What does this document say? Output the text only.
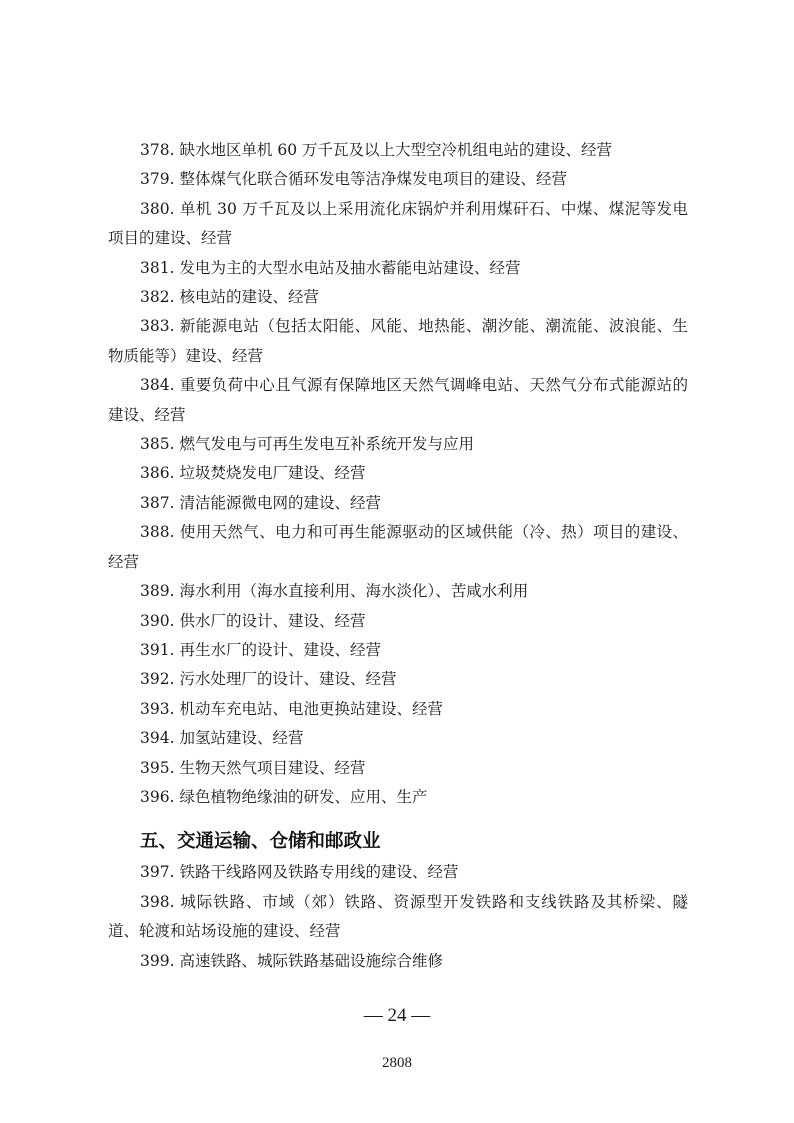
378. 缺水地区单机 60 万千瓦及以上大型空冷机组电站的建设、经营

379. 整体煤气化联合循环发电等洁净煤发电项目的建设、经营

380. 单机 30 万千瓦及以上采用流化床锅炉并利用煤矸石、中煤、煤泥等发电项目的建设、经营

381. 发电为主的大型水电站及抽水蓄能电站建设、经营

382. 核电站的建设、经营

383. 新能源电站（包括太阳能、风能、地热能、潮汐能、潮流能、波浪能、生物质能等）建设、经营

384. 重要负荷中心且气源有保障地区天然气调峰电站、天然气分布式能源站的建设、经营

385. 燃气发电与可再生发电互补系统开发与应用

386. 垃圾焚烧发电厂建设、经营

387. 清洁能源微电网的建设、经营

388. 使用天然气、电力和可再生能源驱动的区域供能（冷、热）项目的建设、经营

389. 海水利用（海水直接利用、海水淡化）、苦咸水利用

390. 供水厂的设计、建设、经营

391. 再生水厂的设计、建设、经营

392. 污水处理厂的设计、建设、经营

393. 机动车充电站、电池更换站建设、经营

394. 加氢站建设、经营

395. 生物天然气项目建设、经营

396. 绿色植物绝缘油的研发、应用、生产

五、交通运输、仓储和邮政业

397. 铁路干线路网及铁路专用线的建设、经营

398. 城际铁路、市域（郊）铁路、资源型开发铁路和支线铁路及其桥梁、隧道、轮渡和站场设施的建设、经营

399. 高速铁路、城际铁路基础设施综合维修

— 24 —
2808
